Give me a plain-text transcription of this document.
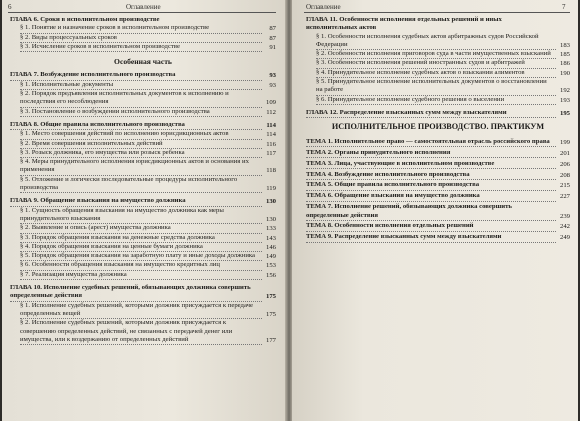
6	Оглавление
ГЛАВА 6. Сроки в исполнительном производстве
§ 1. Понятие и назначение сроков в исполнительном производстве	87
§ 2. Виды процессуальных сроков	87
§ 3. Исчисление сроков в исполнительном производстве	91
Особенная часть
ГЛАВА 7. Возбуждение исполнительного производства	93
§ 1. Исполнительные документы	93
§ 2. Порядок предъявления исполнительных документов к исполнению и последствия его несоблюдения	109
§ 3. Постановление о возбуждении исполнительного производства	112
ГЛАВА 8. Общие правила исполнительного производства	114
§ 1. Место совершения действий по исполнению юрисдикционных актов	114
§ 2. Время совершения исполнительных действий	116
§ 3. Розыск должника, его имущества или розыск ребенка	117
§ 4. Меры принудительного исполнения юрисдикционных актов и основания их применения	118
§ 5. Отложение и логически последовательные процедуры исполнительного производства	119
ГЛАВА 9. Обращение взыскания на имущество должника	130
§ 1. Сущность обращения взыскания на имущество должника как меры принудительного взыскания	130
§ 2. Выявление и опись (арест) имущества должника	133
§ 3. Порядок обращения взыскания на денежные средства должника	143
§ 4. Порядок обращения взыскания на ценные бумаги должника	146
§ 5. Порядок обращения взыскания на заработную плату и иные доходы должника	149
§ 6. Особенности обращения взыскания на имущество кредитных лиц	153
§ 7. Реализация имущества должника	156
ГЛАВА 10. Исполнение судебных решений, обязывающих должника совершить определенные действия	175
§ 1. Исполнение судебных решений, которыми должник присуждается к передаче определенных вещей	175
§ 2. Исполнение судебных решений, которыми должник присуждается к совершению определенных действий, не связанных с передачей денег или имущества, или к воздержанию от определенных действий	177
Оглавление	7
ГЛАВА 11. Особенности исполнения отдельных решений и иных исполнительных актов
§ 1. Особенности исполнения судебных актов арбитражных судов Российской Федерации	183
§ 2. Особенности исполнения приговоров суда в части имущественных взысканий	185
§ 3. Особенности исполнения решений иностранных судов и арбитражей	186
§ 4. Принудительное исполнение судебных актов о взыскании алиментов	190
§ 5. Принудительное исполнение исполнительных документов о восстановлении на работе	192
§ 6. Принудительное исполнение судебного решения о выселении	193
ГЛАВА 12. Распределение взысканных сумм между взыскателями	195
ИСПОЛНИТЕЛЬНОЕ ПРОИЗВОДСТВО. ПРАКТИКУМ
ТЕМА 1. Исполнительное право — самостоятельная отрасль российского права	199
ТЕМА 2. Органы принудительного исполнения	201
ТЕМА 3. Лица, участвующие в исполнительном производстве	206
ТЕМА 4. Возбуждение исполнительного производства	208
ТЕМА 5. Общие правила исполнительного производства	215
ТЕМА 6. Обращение взыскания на имущество должника	227
ТЕМА 7. Исполнение решений, обязывающих должника совершить определенные действия	239
ТЕМА 8. Особенности исполнения отдельных решений	242
ТЕМА 9. Распределение взысканных сумм между взыскателями	249
